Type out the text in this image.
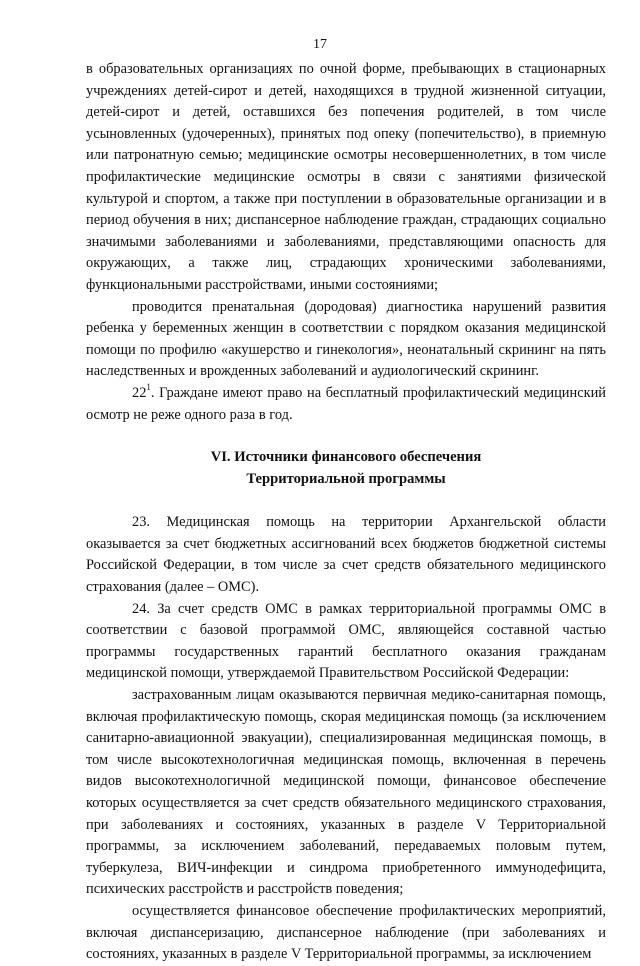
17

в образовательных организациях по очной форме, пребывающих в стационарных учреждениях детей-сирот и детей, находящихся в трудной жизненной ситуации, детей-сирот и детей, оставшихся без попечения родителей, в том числе усыновленных (удочеренных), принятых под опеку (попечительство), в приемную или патронатную семью; медицинские осмотры несовершеннолетних, в том числе профилактические медицинские осмотры в связи с занятиями физической культурой и спортом, а также при поступлении в образовательные организации и в период обучения в них; диспансерное наблюдение граждан, страдающих социально значимыми заболеваниями и заболеваниями, представляющими опасность для окружающих, а также лиц, страдающих хроническими заболеваниями, функциональными расстройствами, иными состояниями;

проводится пренатальная (дородовая) диагностика нарушений развития ребенка у беременных женщин в соответствии с порядком оказания медицинской помощи по профилю «акушерство и гинекология», неонатальный скрининг на пять наследственных и врожденных заболеваний и аудиологический скрининг.

$22^1$. Граждане имеют право на бесплатный профилактический медицинский осмотр не реже одного раза в год.

VI. Источники финансового обеспечения
Территориальной программы

23. Медицинская помощь на территории Архангельской области оказывается за счет бюджетных ассигнований всех бюджетов бюджетной системы Российской Федерации, в том числе за счет средств обязательного медицинского страхования (далее – ОМС).

24. За счет средств ОМС в рамках территориальной программы ОМС в соответствии с базовой программой ОМС, являющейся составной частью программы государственных гарантий бесплатного оказания гражданам медицинской помощи, утверждаемой Правительством Российской Федерации:

застрахованным лицам оказываются первичная медико-санитарная помощь, включая профилактическую помощь, скорая медицинская помощь (за исключением санитарно-авиационной эвакуации), специализированная медицинская помощь, в том числе высокотехнологичная медицинская помощь, включенная в перечень видов высокотехнологичной медицинской помощи, финансовое обеспечение которых осуществляется за счет средств обязательного медицинского страхования, при заболеваниях и состояниях, указанных в разделе V Территориальной программы, за исключением заболеваний, передаваемых половым путем, туберкулеза, ВИЧ-инфекции и синдрома приобретенного иммунодефицита, психических расстройств и расстройств поведения;

осуществляется финансовое обеспечение профилактических мероприятий, включая диспансеризацию, диспансерное наблюдение (при заболеваниях и состояниях, указанных в разделе V Территориальной программы, за исключением
